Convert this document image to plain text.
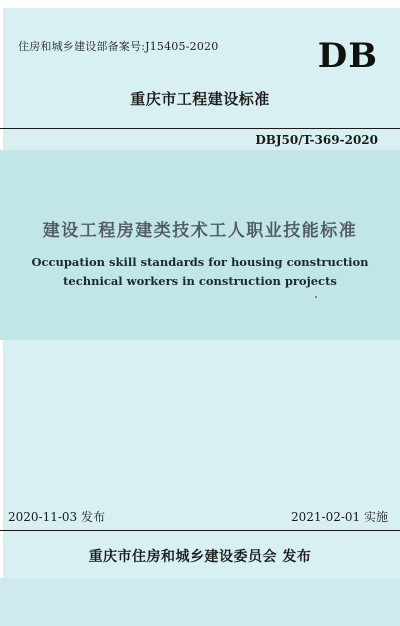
住房和城乡建设部备案号:J15405-2020	DB
重庆市工程建设标准
DBJ50/T-369-2020
建设工程房建类技术工人职业技能标准
Occupation skill standards for housing construction
technical workers in construction projects
2020-11-03 发布	2021-02-01 实施
重庆市住房和城乡建设委员会 发布
